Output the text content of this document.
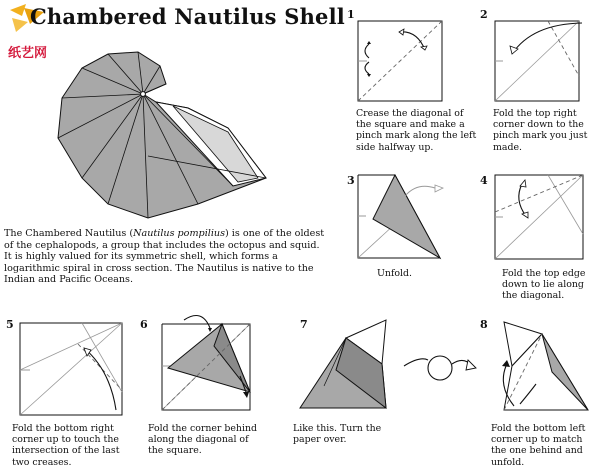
纸艺网
Chambered Nautilus Shell
The Chambered Nautilus (Nautilus pompilius) is one of the oldest of the cephalopods, a group that includes the octopus and squid. It is highly valued for its symmetric shell, which forms a logarithmic spiral in cross section. The Nautilus is native to the Indian and Pacific Oceans.
1
Crease the diagonal of the square and make a pinch mark along the left side halfway up.
2
Fold the top right corner down to the pinch mark you just made.
3
Unfold.
4
Fold the top edge down to lie along the diagonal.
5
Fold the bottom right corner up to touch the intersection of the last two creases.
6
Fold the corner behind along the diagonal of the square.
7
Like this. Turn the paper over.
8
Fold the bottom left corner up to match the one behind and unfold.
